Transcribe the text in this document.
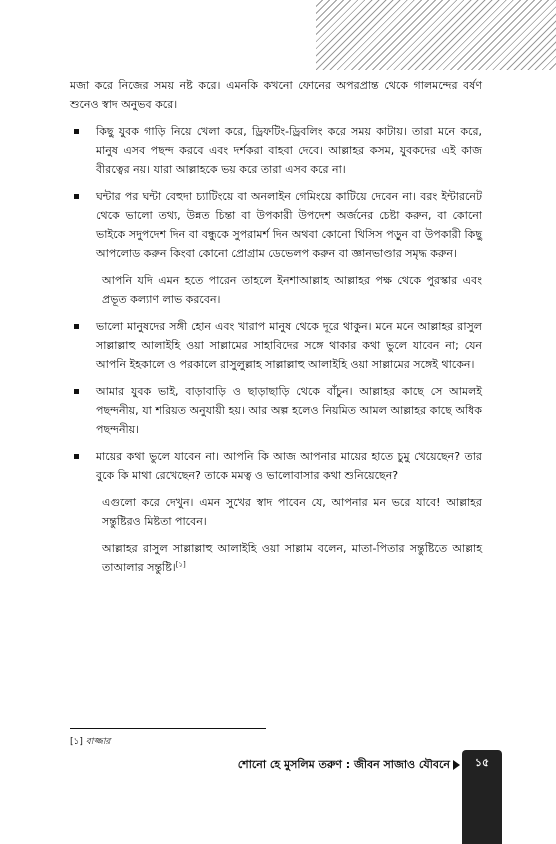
মজা করে নিজের সময় নষ্ট করে। এমনকি কখনো ফোনের অপরপ্রান্ত থেকে গালমন্দের বর্ষণ শুনেও স্বাদ অনুভব করে।

কিছু যুবক গাড়ি নিয়ে খেলা করে, ড্রিফটিং-ড্রিবলিং করে সময় কাটায়। তারা মনে করে, মানুষ এসব পছন্দ করবে এবং দর্শকরা বাহবা দেবে। আল্লাহর কসম, যুবকদের এই কাজ বীরত্বের নয়। যারা আল্লাহকে ভয় করে তারা এসব করে না।
ঘন্টার পর ঘন্টা বেহুদা চ্যাটিংয়ে বা অনলাইন গেমিংয়ে কাটিয়ে দেবেন না। বরং ইন্টারনেট থেকে ভালো তথ্য, উন্নত চিন্তা বা উপকারী উপদেশ অর্জনের চেষ্টা করুন, বা কোনো ভাইকে সদুপদেশ দিন বা বন্ধুকে সুপরামর্শ দিন অথবা কোনো থিসিস পড়ুন বা উপকারী কিছু আপলোড করুন কিংবা কোনো প্রোগ্রাম ডেভেলপ করুন বা জ্ঞানভাণ্ডার সমৃদ্ধ করুন।

আপনি যদি এমন হতে পারেন তাহলে ইনশাআল্লাহ আল্লাহর পক্ষ থেকে পুরস্কার এবং প্রভূত কল্যাণ লাভ করবেন।

ভালো মানুষদের সঙ্গী হোন এবং খারাপ মানুষ থেকে দূরে থাকুন। মনে মনে আল্লাহর রাসুল সাল্লাল্লাহু আলাইহি ওয়া সাল্লামের সাহাবিদের সঙ্গে থাকার কথা ভুলে যাবেন না; যেন আপনি ইহকালে ও পরকালে রাসুলুল্লাহ সাল্লাল্লাহু আলাইহি ওয়া সাল্লামের সঙ্গেই থাকেন।
আমার যুবক ভাই, বাড়াবাড়ি ও ছাড়াছাড়ি থেকে বাঁচুন। আল্লাহর কাছে সে আমলই পছন্দনীয়, যা শরিয়ত অনুযায়ী হয়। আর অল্প হলেও নিয়মিত আমল আল্লাহর কাছে অধিক পছন্দনীয়।
মায়ের কথা ভুলে যাবেন না। আপনি কি আজ আপনার মায়ের হাতে চুমু খেয়েছেন? তার বুকে কি মাথা রেখেছেন? তাকে মমত্ব ও ভালোবাসার কথা শুনিয়েছেন?

এগুলো করে দেখুন। এমন সুখের স্বাদ পাবেন যে, আপনার মন ভরে যাবে! আল্লাহর সন্তুষ্টিরও মিষ্টতা পাবেন।

আল্লাহর রাসুল সাল্লাল্লাহু আলাইহি ওয়া সাল্লাম বলেন, মাতা-পিতার সন্তুষ্টিতে আল্লাহ তাআলার সন্তুষ্টি।[১]

[১] বাজ্জার
শোনো হে মুসলিম তরুণ : জীবন সাজাও যৌবনে	১৫
